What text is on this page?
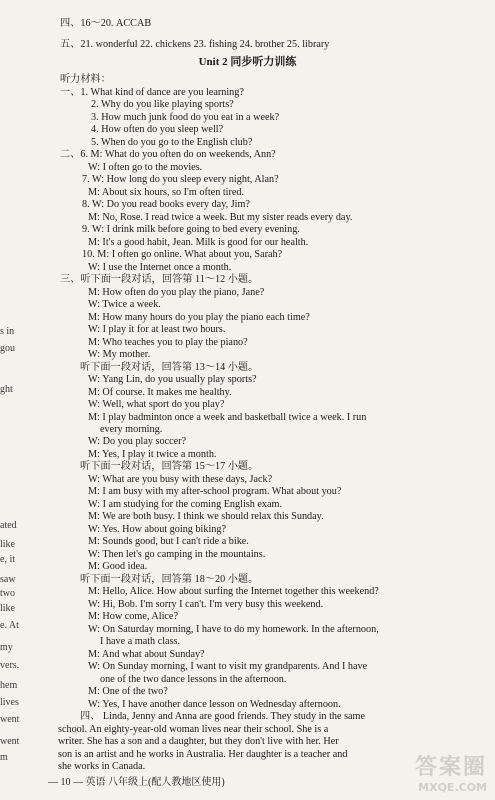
四、16～20. ACCAB
五、21. wonderful 22. chickens 23. fishing 24. brother 25. library
Unit 2 同步听力训练
听力材料：
一、1. What kind of dance are you learning?
2. Why do you like playing sports?
3. How much junk food do you eat in a week?
4. How often do you sleep well?
5. When do you go to the English club?
二、6. M: What do you often do on weekends, Ann?
W: I often go to the movies.
7. W: How long do you sleep every night, Alan?
M: About six hours, so I'm often tired.
8. W: Do you read books every day, Jim?
M: No, Rose. I read twice a week. But my sister reads every day.
9. W: I drink milk before going to bed every evening.
M: It's a good habit, Jean. Milk is good for our health.
10. M: I often go online. What about you, Sarah?
W: I use the Internet once a month.
三、听下面一段对话，回答第 11～12 小题。
M: How often do you play the piano, Jane?
W: Twice a week.
M: How many hours do you play the piano each time?
W: I play it for at least two hours.
M: Who teaches you to play the piano?
W: My mother.
听下面一段对话，回答第 13～14 小题。
W: Yang Lin, do you usually play sports?
M: Of course. It makes me healthy.
W: Well, what sport do you play?
M: I play badminton once a week and basketball twice a week. I run
every morning.
W: Do you play soccer?
M: Yes, I play it twice a month.
听下面一段对话，回答第 15～17 小题。
W: What are you busy with these days, Jack?
M: I am busy with my after-school program. What about you?
W: I am studying for the coming English exam.
M: We are both busy. I think we should relax this Sunday.
W: Yes. How about going biking?
M: Sounds good, but I can't ride a bike.
W: Then let's go camping in the mountains.
M: Good idea.
听下面一段对话，回答第 18～20 小题。
M: Hello, Alice. How about surfing the Internet together this weekend?
W: Hi, Bob. I'm sorry I can't. I'm very busy this weekend.
M: How come, Alice?
W: On Saturday morning, I have to do my homework. In the afternoon,
I have a math class.
M: And what about Sunday?
W: On Sunday morning, I want to visit my grandparents. And I have
one of the two dance lessons in the afternoon.
M: One of the two?
W: Yes, I have another dance lesson on Wednesday afternoon.
四、 Linda, Jenny and Anna are good friends. They study in the same
school. An eighty-year-old woman lives near their school. She is a
writer. She has a son and a daughter, but they don't live with her. Her
son is an artist and he works in Australia. Her daughter is a teacher and
she works in Canada.
s in
gou
ght
ated
like
e, it
saw
two
like
e. At
my
vers.
hem
lives
went
went
m
— 10 — 英语 八年级上(配人教地区使用)
答案圈
MXQE.COM
